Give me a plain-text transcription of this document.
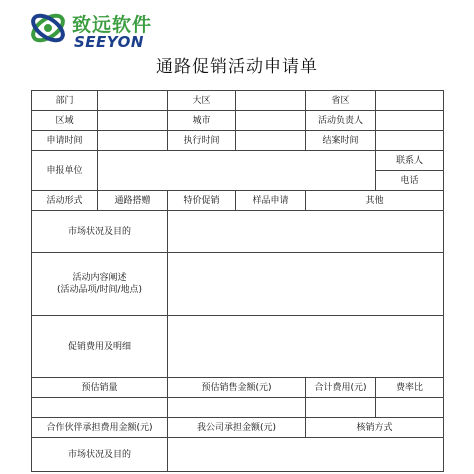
致远软件
SEEYON
通路促销活动申请单
部门		大区		省区	
区域		城市		活动负责人	
申请时间		执行时间		结案时间	
申报单位					联系人
					电话
活动形式	通路搭赠	特价促销	样品申请	其他	
市场状况及目的					

活动内容阐述
(活动品项/时间/地点)					

促销费用及明细					
预估销量		预估销售金额(元)		合计费用(元)	费率比

合作伙伴承担费用金额(元)		我公司承担金额(元)		核销方式	
市场状况及目的					
